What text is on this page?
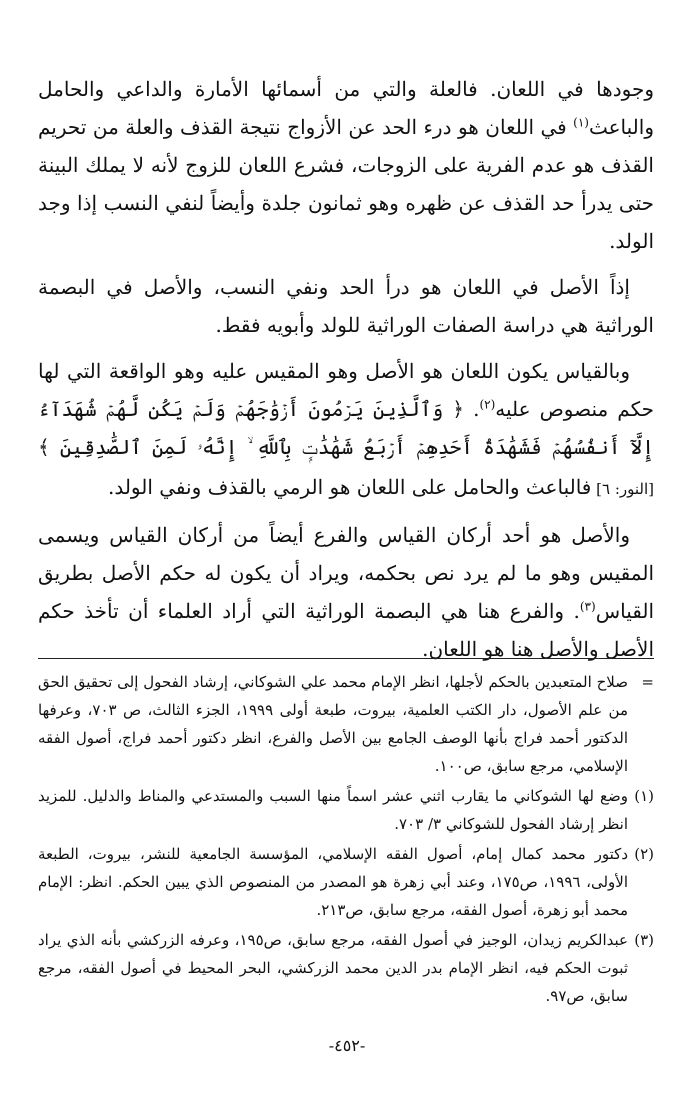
وجودها في اللعان. فالعلة والتي من أسمائها الأمارة والداعي والحامل والباعث$^{(١)}$ في اللعان هو درء الحد عن الأزواج نتيجة القذف والعلة من تحريم القذف هو عدم الفرية على الزوجات، فشرع اللعان للزوج لأنه لا يملك البينة حتى يدرأ حد القذف عن ظهره وهو ثمانون جلدة وأيضاً لنفي النسب إذا وجد الولد.

إذاً الأصل في اللعان هو درأ الحد ونفي النسب، والأصل في البصمة الوراثية هي دراسة الصفات الوراثية للولد وأبويه فقط.

وبالقياس يكون اللعان هو الأصل وهو المقيس عليه وهو الواقعة التي لها حكم منصوص عليه$^{(٢)}$. ﴿ وَٱلَّذِينَ يَرۡمُونَ أَزۡوَٰجَهُمۡ وَلَمۡ يَكُن لَّهُمۡ شُهَدَآءُ إِلَّآ أَنفُسُهُمۡ فَشَهَٰدَةُ أَحَدِهِمۡ أَرۡبَعُ شَهَٰدَٰتِۭ بِٱللَّهِ ۙ إِنَّهُۥ لَمِنَ ٱلصَّٰدِقِينَ ﴾ [النور: ٦] فالباعث والحامل على اللعان هو الرمي بالقذف ونفي الولد.

والأصل هو أحد أركان القياس والفرع أيضاً من أركان القياس ويسمى المقيس وهو ما لم يرد نص بحكمه، ويراد أن يكون له حكم الأصل بطريق القياس$^{(٣)}$. والفرع هنا هي البصمة الوراثية التي أراد العلماء أن تأخذ حكم الأصل والأصل هنا هو اللعان.

=
صلاح المتعبدين بالحكم لأجلها، انظر الإمام محمد علي الشوكاني، إرشاد الفحول إلى تحقيق الحق من علم الأصول، دار الكتب العلمية، بيروت، طبعة أولى ١٩٩٩، الجزء الثالث، ص ٧٠٣، وعرفها الدكتور أحمد فراج بأنها الوصف الجامع بين الأصل والفرع، انظر دكتور أحمد فراج، أصول الفقه الإسلامي، مرجع سابق، ص١٠٠.
(١)
وضع لها الشوكاني ما يقارب اثني عشر اسماً منها السبب والمستدعي والمناط والدليل. للمزيد انظر إرشاد الفحول للشوكاني ٣/ ٧٠٣.
(٢)
دكتور محمد كمال إمام، أصول الفقه الإسلامي، المؤسسة الجامعية للنشر، بيروت، الطبعة الأولى، ١٩٩٦، ص١٧٥، وعند أبي زهرة هو المصدر من المنصوص الذي يبين الحكم. انظر: الإمام محمد أبو زهرة، أصول الفقه، مرجع سابق، ص٢١٣.
(٣)
عبدالكريم زيدان، الوجيز في أصول الفقه، مرجع سابق، ص١٩٥، وعرفه الزركشي بأنه الذي يراد ثبوت الحكم فيه، انظر الإمام بدر الدين محمد الزركشي، البحر المحيط في أصول الفقه، مرجع سابق، ص٩٧.
-٤٥٢-
